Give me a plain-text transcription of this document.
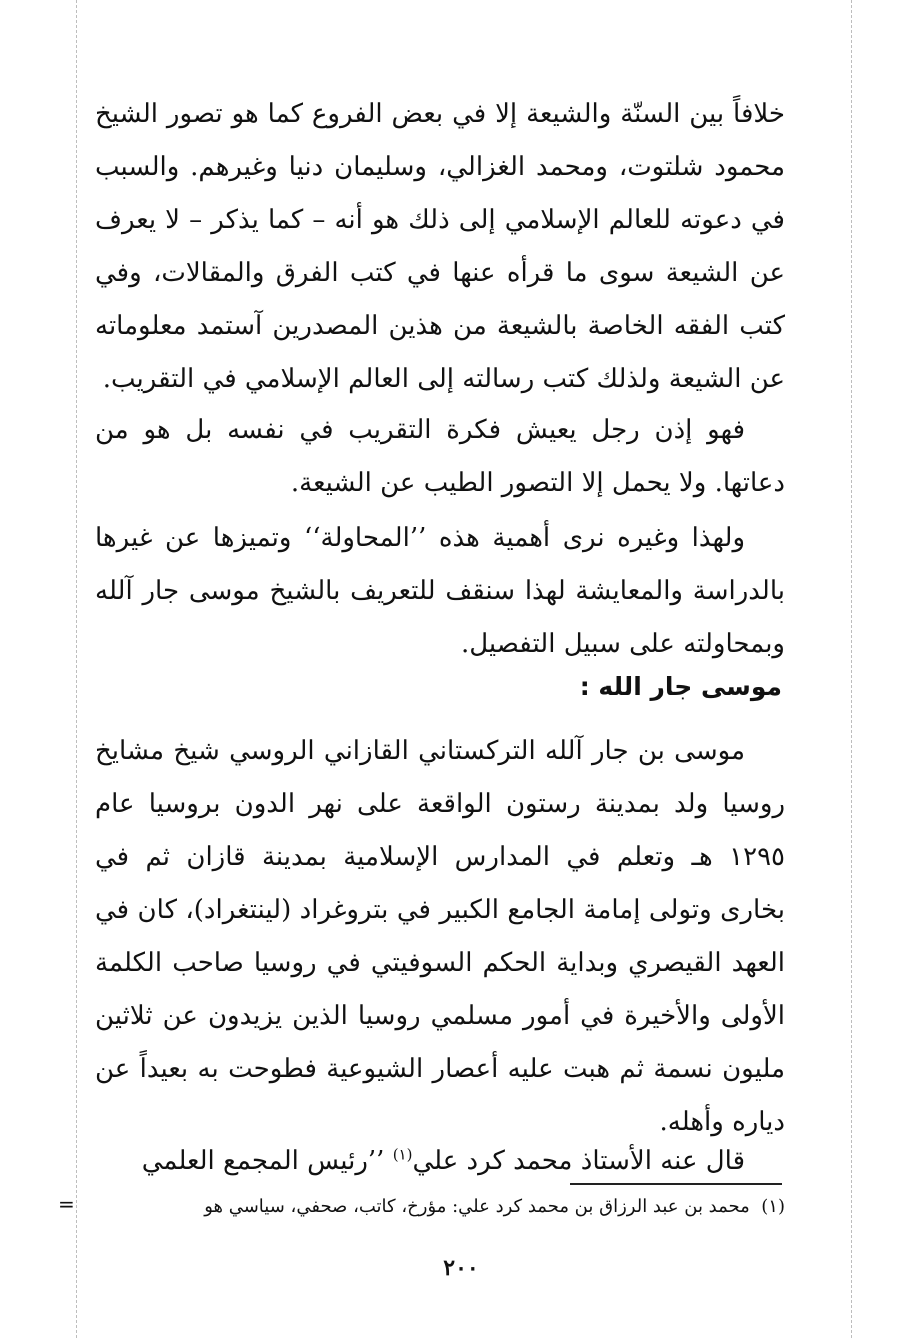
خلافاً بين السنّة والشيعة إلا في بعض الفروع كما هو تصور الشيخ محمود شلتوت، ومحمد الغزالي، وسليمان دنيا وغيرهم. والسبب في دعوته للعالم الإسلامي إلى ذلك هو أنه – كما يذكر – لا يعرف عن الشيعة سوى ما قرأه عنها في كتب الفرق والمقالات، وفي كتب الفقه الخاصة بالشيعة من هذين المصدرين آستمد معلوماته عن الشيعة ولذلك كتب رسالته إلى العالم الإسلامي في التقريب.

فهو إذن رجل يعيش فكرة التقريب في نفسه بل هو من دعاتها. ولا يحمل إلا التصور الطيب عن الشيعة.

ولهذا وغيره نرى أهمية هذه ’’المحاولة‘‘ وتميزها عن غيرها بالدراسة والمعايشة لهذا سنقف للتعريف بالشيخ موسى جار آلله وبمحاولته على سبيل التفصيل.

موسى جار الله :

موسى بن جار آلله التركستاني القازاني الروسي شيخ مشايخ روسيا ولد بمدينة رستون الواقعة على نهر الدون بروسيا عام ١٢٩٥ هـ وتعلم في المدارس الإسلامية بمدينة قازان ثم في بخارى وتولى إمامة الجامع الكبير في بتروغراد (لينتغراد)، كان في العهد القيصري وبداية الحكم السوفيتي في روسيا صاحب الكلمة الأولى والأخيرة في أمور مسلمي روسيا الذين يزيدون عن ثلاثين مليون نسمة ثم هبت عليه أعصار الشيوعية فطوحت به بعيداً عن دياره وأهله.

قال عنه الأستاذ محمد كرد علي$^{(١)}$ ’’رئيس المجمع العلمي

(١)  محمد بن عبد الرزاق بن محمد كرد علي: مؤرخ، كاتب، صحفي، سياسي هو

=
٢٠٠
